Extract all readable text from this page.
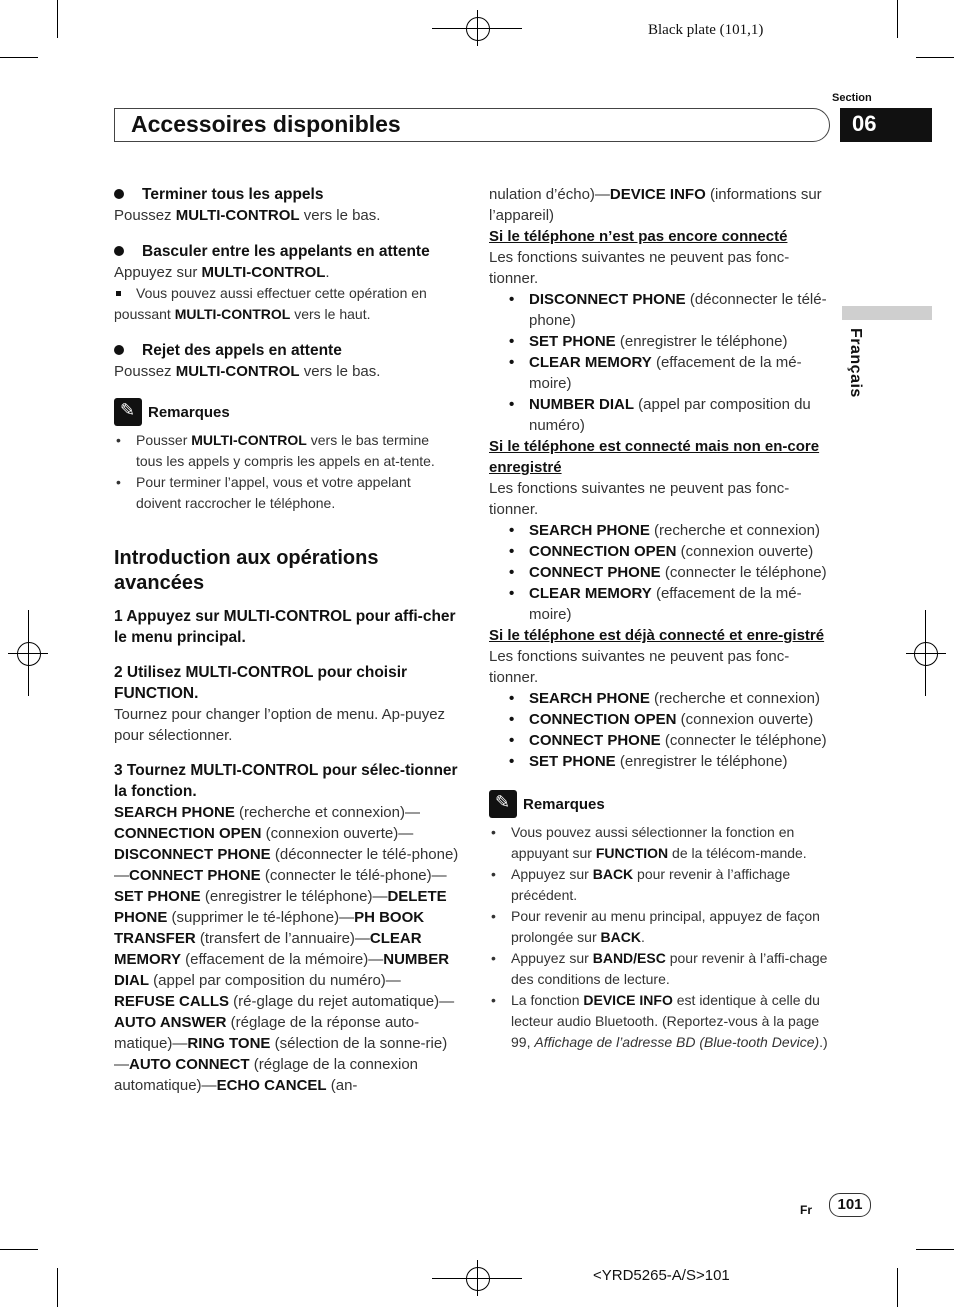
Black plate (101,1)
Section
Accessoires disponibles	06
Français

Terminer tous les appels

Poussez MULTI-CONTROL vers le bas.

Basculer entre les appelants en attente

Appuyez sur MULTI-CONTROL.

Vous pouvez aussi effectuer cette opération en poussant MULTI-CONTROL vers le haut.

Rejet des appels en attente

Poussez MULTI-CONTROL vers le bas.

✎Remarques

• Pousser MULTI-CONTROL vers le bas termine tous les appels y compris les appels en at-tente.

• Pour terminer l’appel, vous et votre appelant doivent raccrocher le téléphone.

Introduction aux opérations avancées

1 Appuyez sur MULTI-CONTROL pour affi-cher le menu principal.

2 Utilisez MULTI-CONTROL pour choisir FUNCTION.

Tournez pour changer l’option de menu. Ap-puyez pour sélectionner.

3 Tournez MULTI-CONTROL pour sélec-tionner la fonction.

SEARCH PHONE (recherche et connexion)—CONNECTION OPEN (connexion ouverte)—DISCONNECT PHONE (déconnecter le télé-phone)—CONNECT PHONE (connecter le télé-phone)—SET PHONE (enregistrer le téléphone)—DELETE PHONE (supprimer le té-léphone)—PH BOOK TRANSFER (transfert de l’annuaire)—CLEAR MEMORY (effacement de la mémoire)—NUMBER DIAL (appel par composition du numéro)—REFUSE CALLS (ré-glage du rejet automatique)—AUTO ANSWER (réglage de la réponse auto-matique)—RING TONE (sélection de la sonne-rie)—AUTO CONNECT (réglage de la connexion automatique)—ECHO CANCEL (an-

nulation d’écho)—DEVICE INFO (informations sur l’appareil)

Si le téléphone n’est pas encore connecté

Les fonctions suivantes ne peuvent pas fonc-tionner.

• DISCONNECT PHONE (déconnecter le télé-phone)

• SET PHONE (enregistrer le téléphone)

• CLEAR MEMORY (effacement de la mé-moire)

• NUMBER DIAL (appel par composition du numéro)

Si le téléphone est connecté mais non en-core enregistré

Les fonctions suivantes ne peuvent pas fonc-tionner.

• SEARCH PHONE (recherche et connexion)

• CONNECTION OPEN (connexion ouverte)

• CONNECT PHONE (connecter le téléphone)

• CLEAR MEMORY (effacement de la mé-moire)

Si le téléphone est déjà connecté et enre-gistré

Les fonctions suivantes ne peuvent pas fonc-tionner.

• SEARCH PHONE (recherche et connexion)

• CONNECTION OPEN (connexion ouverte)

• CONNECT PHONE (connecter le téléphone)

• SET PHONE (enregistrer le téléphone)

✎Remarques

• Vous pouvez aussi sélectionner la fonction en appuyant sur FUNCTION de la télécom-mande.

• Appuyez sur BACK pour revenir à l’affichage précédent.

• Pour revenir au menu principal, appuyez de façon prolongée sur BACK.

• Appuyez sur BAND/ESC pour revenir à l’affi-chage des conditions de lecture.

• La fonction DEVICE INFO est identique à celle du lecteur audio Bluetooth. (Reportez-vous à la page 99, Affichage de l’adresse BD (Blue-tooth Device).)

Fr	101
<YRD5265-A/S>101
